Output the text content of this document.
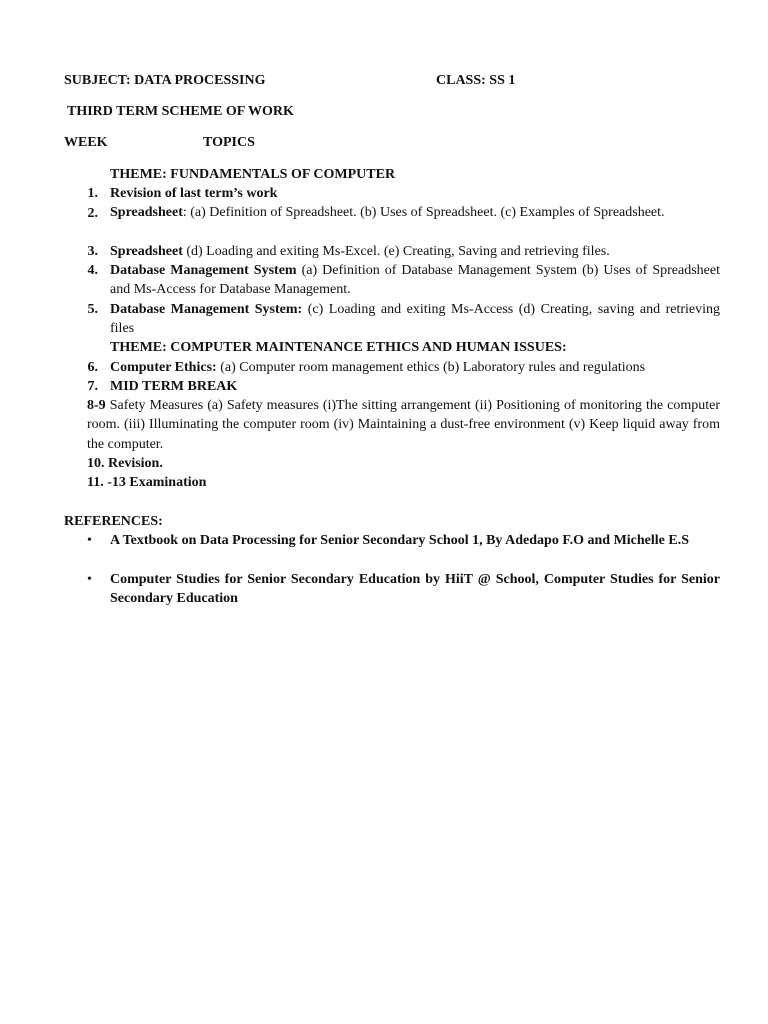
SUBJECT: DATA PROCESSING	CLASS: SS 1
THIRD TERM SCHEME OF WORK
WEEK	TOPICS
THEME: FUNDAMENTALS OF COMPUTER
1. Revision of last term’s work
2. Spreadsheet: (a) Definition of Spreadsheet. (b) Uses of Spreadsheet. (c) Examples of Spreadsheet.
3. Spreadsheet (d) Loading and exiting Ms-Excel. (e) Creating, Saving and retrieving files.
4. Database Management System (a) Definition of Database Management System (b) Uses of Spreadsheet and Ms-Access for Database Management.
5. Database Management System: (c) Loading and exiting Ms-Access (d) Creating, saving and retrieving files
THEME: COMPUTER MAINTENANCE ETHICS AND HUMAN ISSUES:
6. Computer Ethics: (a) Computer room management ethics (b) Laboratory rules and regulations
7. MID TERM BREAK
8-9 Safety Measures (a) Safety measures (i)The sitting arrangement (ii) Positioning of monitoring the computer room. (iii) Illuminating the computer room (iv) Maintaining a dust-free environment (v) Keep liquid away from the computer.
10. Revision.
11. -13 Examination
REFERENCES:
• A Textbook on Data Processing for Senior Secondary School 1, By Adedapo F.O and Michelle E.S
• Computer Studies for Senior Secondary Education by HiiT @ School, Computer Studies for Senior Secondary Education
